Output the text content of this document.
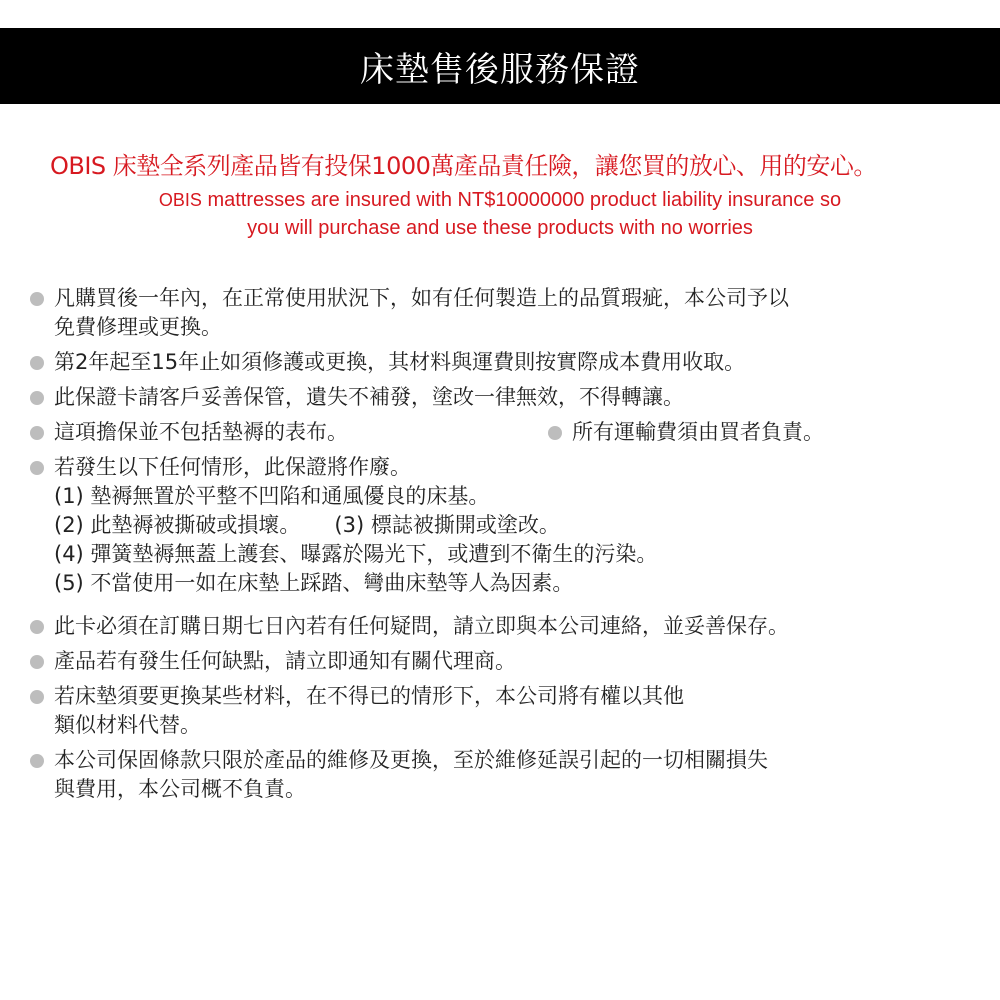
床墊售後服務保證
OBIS 床墊全系列產品皆有投保1000萬產品責任險，讓您買的放心、用的安心。
OBIS mattresses are insured with NT$10000000 product liability insurance so
you will purchase and use these products with no worries
凡購買後一年內，在正常使用狀況下，如有任何製造上的品質瑕疵，本公司予以
免費修理或更換。
第2年起至15年止如須修護或更換，其材料與運費則按實際成本費用收取。
此保證卡請客戶妥善保管，遺失不補發，塗改一律無效，不得轉讓。
這項擔保並不包括墊褥的表布。	所有運輸費須由買者負責。
若發生以下任何情形，此保證將作廢。
(1) 墊褥無置於平整不凹陷和通風優良的床基。
(2) 此墊褥被撕破或損壞。 (3) 標誌被撕開或塗改。
(4) 彈簧墊褥無蓋上護套、曝露於陽光下，或遭到不衛生的污染。
(5) 不當使用一如在床墊上踩踏、彎曲床墊等人為因素。
此卡必須在訂購日期七日內若有任何疑問，請立即與本公司連絡，並妥善保存。
產品若有發生任何缺點，請立即通知有關代理商。
若床墊須要更換某些材料，在不得已的情形下，本公司將有權以其他
類似材料代替。
本公司保固條款只限於產品的維修及更換，至於維修延誤引起的一切相關損失
與費用，本公司概不負責。
